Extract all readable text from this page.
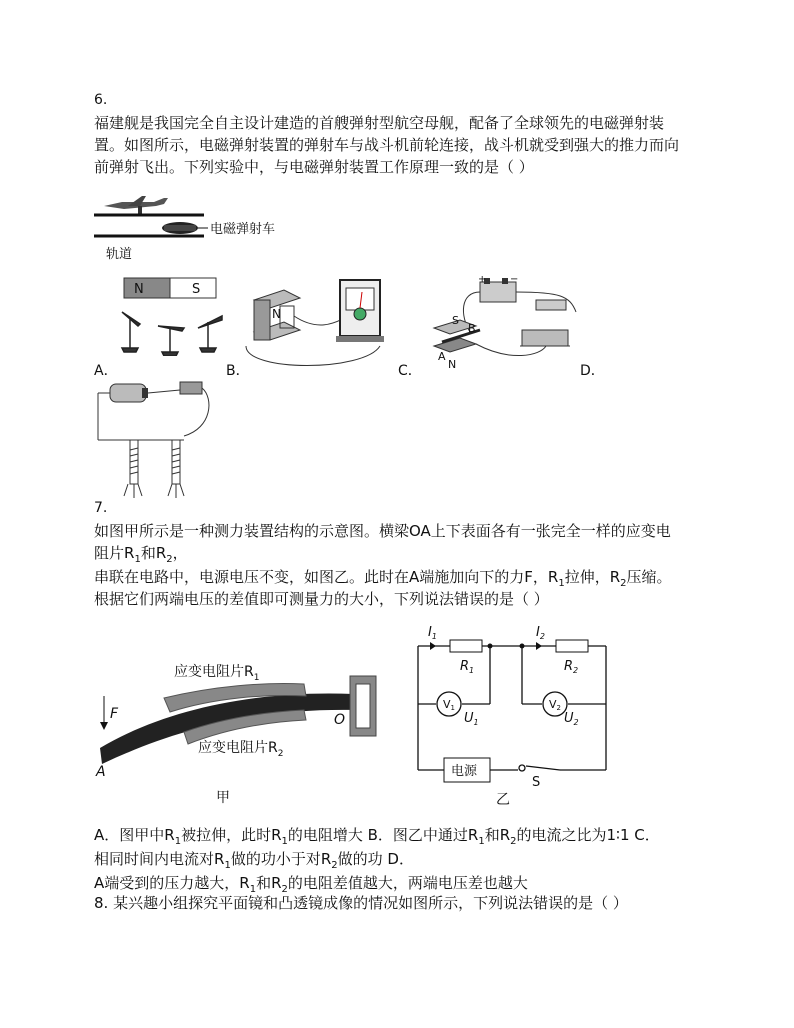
6.
福建舰是我国完全自主设计建造的首艘弹射型航空母舰，配备了全球领先的电磁弹射装
置。如图所示，电磁弹射装置的弹射车与战斗机前轮连接，战斗机就受到强大的推力而向
前弹射飞出。下列实验中，与电磁弹射装置工作原理一致的是（ ）
电磁弹射车
轨道
N	S
A．
N
B．
+ −
S
B
A
N
C．	D．
7.
如图甲所示是一种测力装置结构的示意图。横梁OA上下表面各有一张完全一样的应变电
阻片$R_1$和$R_2$，
串联在电路中，电源电压不变，如图乙。此时在A端施加向下的力F，$R_1$拉伸，$R_2$压缩。
根据它们两端电压的差值即可测量力的大小，下列说法错误的是（ ）
应变电阻片$R_1$
应变电阻片$R_2$
F
A
O
甲
电源
$I_1$	$I_2$
$R_1$	$R_2$
V1	V2
$U_1$	$U_2$
S
乙
A．图甲中$R_1$被拉伸，此时$R_1$的电阻增大 B．图乙中通过$R_1$和$R_2$的电流之比为1∶1 C．
相同时间内电流对$R_1$做的功小于对$R_2$做的功 D．
A端受到的压力越大，$R_1$和$R_2$的电阻差值越大，两端电压差也越大
8. 某兴趣小组探究平面镜和凸透镜成像的情况如图所示，下列说法错误的是（ ）
